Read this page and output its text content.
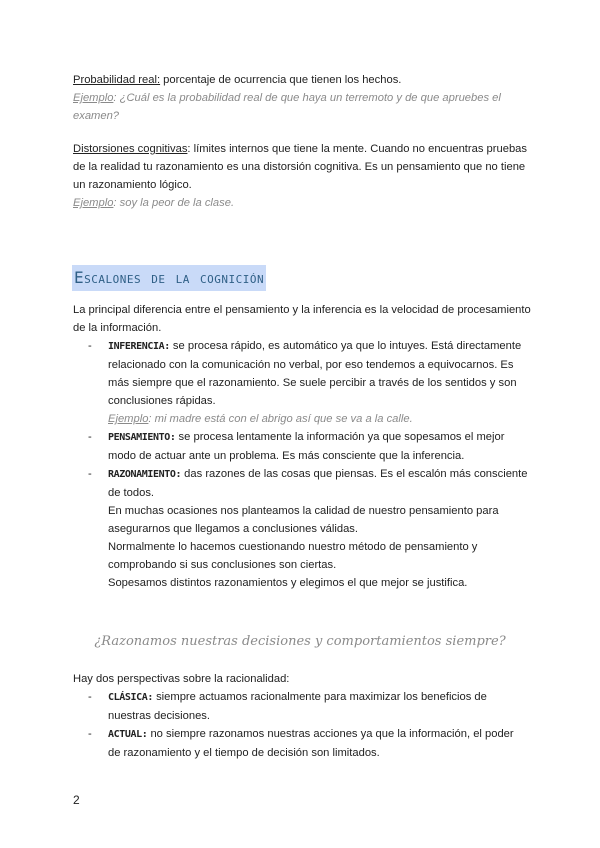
Probabilidad real: porcentaje de ocurrencia que tienen los hechos.
Ejemplo: ¿Cuál es la probabilidad real de que haya un terremoto y de que apruebes el examen?
Distorsiones cognitivas: límites internos que tiene la mente. Cuando no encuentras pruebas de la realidad tu razonamiento es una distorsión cognitiva. Es un pensamiento que no tiene un razonamiento lógico.
Ejemplo: soy la peor de la clase.
Escalones de la cognición
La principal diferencia entre el pensamiento y la inferencia es la velocidad de procesamiento de la información.
- INFERENCIA: se procesa rápido, es automático ya que lo intuyes. Está directamente relacionado con la comunicación no verbal, por eso tendemos a equivocarnos. Es más siempre que el razonamiento. Se suele percibir a través de los sentidos y son conclusiones rápidas.
Ejemplo: mi madre está con el abrigo así que se va a la calle.
- PENSAMIENTO: se procesa lentamente la información ya que sopesamos el mejor modo de actuar ante un problema. Es más consciente que la inferencia.
- RAZONAMIENTO: das razones de las cosas que piensas. Es el escalón más consciente de todos.
En muchas ocasiones nos planteamos la calidad de nuestro pensamiento para asegurarnos que llegamos a conclusiones válidas.
Normalmente lo hacemos cuestionando nuestro método de pensamiento y comprobando si sus conclusiones son ciertas.
Sopesamos distintos razonamientos y elegimos el que mejor se justifica.
¿Razonamos nuestras decisiones y comportamientos siempre?
Hay dos perspectivas sobre la racionalidad:
- CLÁSICA: siempre actuamos racionalmente para maximizar los beneficios de nuestras decisiones.
- ACTUAL: no siempre razonamos nuestras acciones ya que la información, el poder de razonamiento y el tiempo de decisión son limitados.
2
